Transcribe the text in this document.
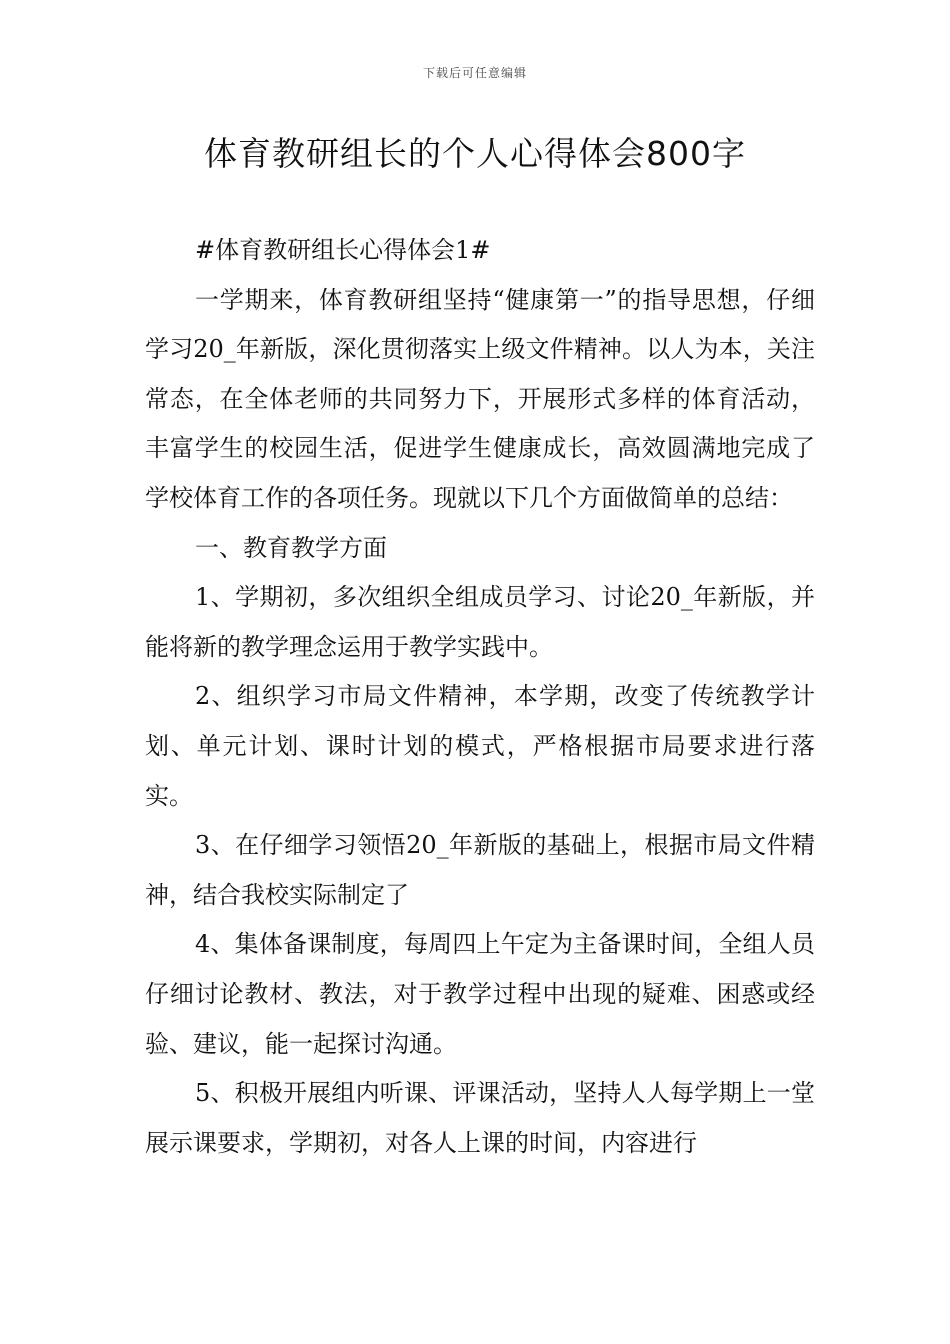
下载后可任意编辑
体育教研组长的个人心得体会800字

#体育教研组长心得体会1#

一学期来，体育教研组坚持“健康第一”的指导思想，仔细学习20_年新版，深化贯彻落实上级文件精神。以人为本，关注常态，在全体老师的共同努力下，开展形式多样的体育活动，丰富学生的校园生活，促进学生健康成长，高效圆满地完成了学校体育工作的各项任务。现就以下几个方面做简单的总结：

一、教育教学方面

1、学期初，多次组织全组成员学习、讨论20_年新版，并能将新的教学理念运用于教学实践中。

2、组织学习市局文件精神，本学期，改变了传统教学计划、单元计划、课时计划的模式，严格根据市局要求进行落实。

3、在仔细学习领悟20_年新版的基础上，根据市局文件精神，结合我校实际制定了

4、集体备课制度，每周四上午定为主备课时间，全组人员仔细讨论教材、教法，对于教学过程中出现的疑难、困惑或经验、建议，能一起探讨沟通。

5、积极开展组内听课、评课活动，坚持人人每学期上一堂展示课要求，学期初，对各人上课的时间，内容进行
